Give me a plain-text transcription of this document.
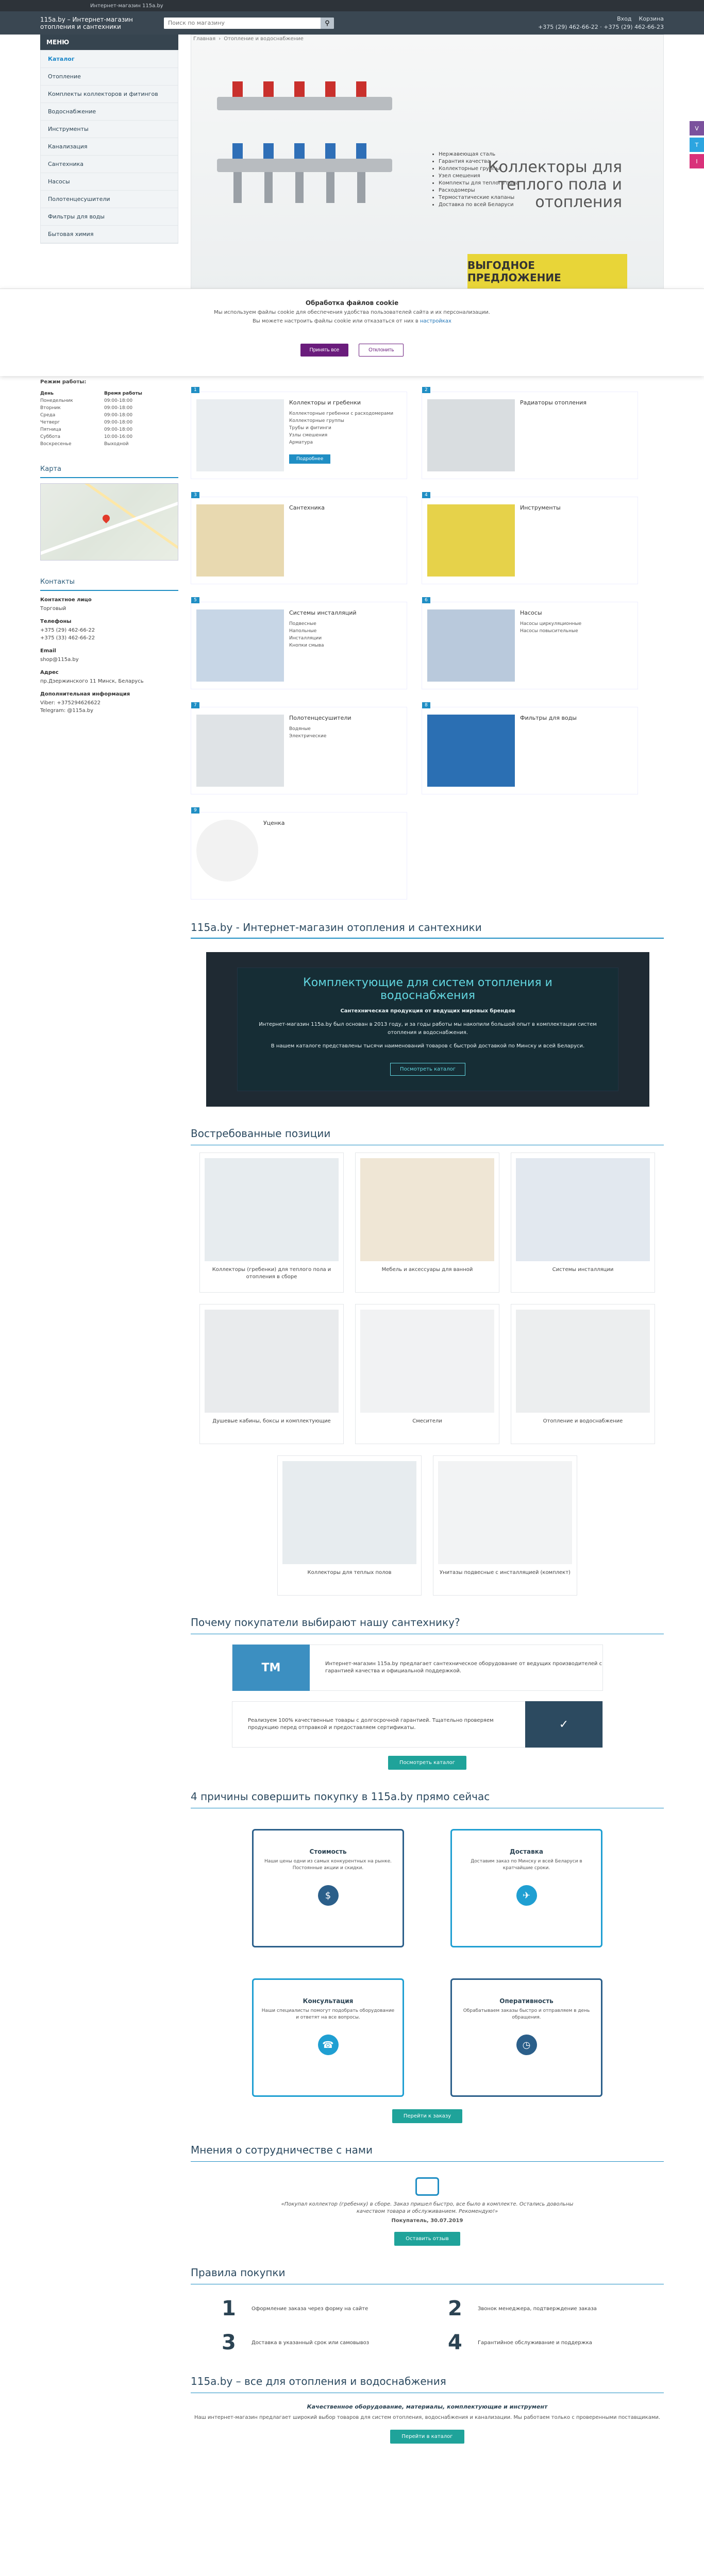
Интернет-магазин 115a.by
115a.by – Интернет-магазин отопления и сантехники
Поиск по магазину	⚲
Вход Корзина
+375 (29) 462-66-22 · +375 (29) 462-66-23
МЕНЮ
Каталог
Отопление
Комплекты коллекторов и фитингов
Водоснабжение
Инструменты
Канализация
Сантехника
Насосы
Полотенцесушители
Фильтры для воды
Бытовая химия
Режим работы:
День	Время работы
Понедельник	09:00-18:00
Вторник	09:00-18:00
Среда	09:00-18:00
Четверг	09:00-18:00
Пятница	09:00-18:00
Суббота	10:00-16:00
Воскресенье	Выходной
Карта
Контакты
Контактное лицо
Торговый
Телефоны
+375 (29) 462-66-22
+375 (33) 462-66-22
Email
shop@115a.by
Адрес
пр.Дзержинского 11 Минск, Беларусь
Дополнительная информация
Viber: +375294626622
Telegram: @115a.by
Главная › Отопление и водоснабжение
• Нержавеющая сталь
• Гарантия качества
• Коллекторные группы
• Узел смешения
• Комплекты для теплого пола
• Расходомеры
• Термостатические клапаны
• Доставка по всей Беларуси
Коллекторы для теплого пола и отопления
ВЫГОДНОЕ ПРЕДЛОЖЕНИЕ
V
T
I
Обработка файлов cookie

Мы используем файлы cookie для обеспечения удобства пользователей сайта и их персонализации.

Вы можете настроить файлы cookie или отказаться от них в настройках

Принять все	Отклонить
1
Коллекторы и гребенки
Коллекторные гребенки с расходомерами
Коллекторные группы
Трубы и фитинги
Узлы смешения
Арматура
Подробнее
2
Радиаторы отопления
3
Сантехника
4
Инструменты
5
Системы инсталляций
Подвесные
Напольные
Инсталляции
Кнопки смыва
6
Насосы
Насосы циркуляционные
Насосы повысительные
7
Полотенцесушители
Водяные
Электрические
8
Фильтры для воды
9
Уценка
115a.by - Интернет-магазин отопления и сантехники
Комплектующие для систем отопления и водоснабжения

Сантехническая продукция от ведущих мировых брендов

Интернет-магазин 115a.by был основан в 2013 году, и за годы работы мы накопили большой опыт в комплектации систем отопления и водоснабжения.

В нашем каталоге представлены тысячи наименований товаров с быстрой доставкой по Минску и всей Беларуси.

Посмотреть каталог
Востребованные позиции
Коллекторы (гребенки) для теплого пола и отопления в сборе
Мебель и аксессуары для ванной	Системы инсталляции
Душевые кабины, боксы и комплектующие	Смесители	Отопление и водоснабжение
Коллекторы для теплых полов	Унитазы подвесные с инсталляцией (комплект)
Почему покупатели выбирают нашу сантехнику?
TM	Интернет-магазин 115a.by предлагает сантехническое оборудование от ведущих производителей с гарантией качества и официальной поддержкой.

Реализуем 100% качественные товары с долгосрочной гарантией. Тщательно проверяем продукцию перед отправкой и предоставляем сертификаты.	✓
Посмотреть каталог
4 причины совершить покупку в 115a.by прямо сейчас
Стоимость

Наши цены одни из самых конкурентных на рынке. Постоянные акции и скидки.

$
Доставка

Доставим заказ по Минску и всей Беларуси в кратчайшие сроки.

✈
Консультация

Наши специалисты помогут подобрать оборудование и ответят на все вопросы.

☎
Оперативность

Обрабатываем заказы быстро и отправляем в день обращения.

◷
Перейти к заказу
Мнения о сотрудничестве с нами

«Покупал коллектор (гребенку) в сборе. Заказ пришел быстро, все было в комплекте. Остались довольны качеством товара и обслуживанием. Рекомендую!»

Покупатель, 30.07.2019

Оставить отзыв
Правила покупки
1	Оформление заказа через форму на сайте	2	Звонок менеджера, подтверждение заказа

3	Доставка в указанный срок или самовывоз	4	Гарантийное обслуживание и поддержка

115a.by – все для отопления и водоснабжения
Качественное оборудование, материалы, комплектующие и инструмент

Наш интернет-магазин предлагает широкий выбор товаров для систем отопления, водоснабжения и канализации. Мы работаем только с проверенными поставщиками.

Перейти в каталог
